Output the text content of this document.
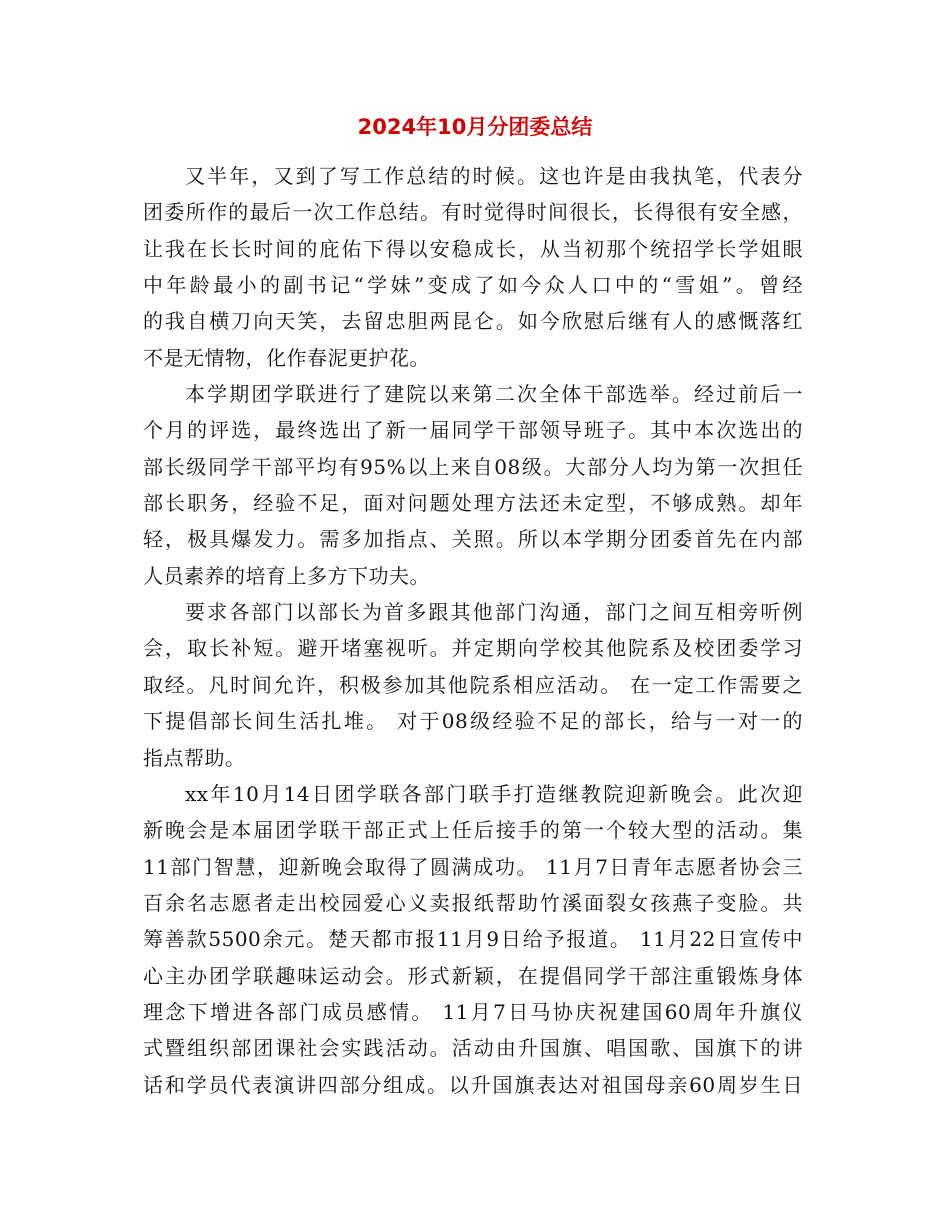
2024年10月分团委总结
又半年，又到了写工作总结的时候。这也许是由我执笔，代表分
团委所作的最后一次工作总结。有时觉得时间很长，长得很有安全感，
让我在长长时间的庇佑下得以安稳成长，从当初那个统招学长学姐眼
中年龄最小的副书记“学妹”变成了如今众人口中的“雪姐”。曾经
的我自横刀向天笑，去留忠胆两昆仑。如今欣慰后继有人的感慨落红
不是无情物，化作春泥更护花。
本学期团学联进行了建院以来第二次全体干部选举。经过前后一
个月的评选，最终选出了新一届同学干部领导班子。其中本次选出的
部长级同学干部平均有95%以上来自08级。大部分人均为第一次担任
部长职务，经验不足，面对问题处理方法还未定型，不够成熟。却年
轻，极具爆发力。需多加指点、关照。所以本学期分团委首先在内部
人员素养的培育上多方下功夫。
要求各部门以部长为首多跟其他部门沟通，部门之间互相旁听例
会，取长补短。避开堵塞视听。并定期向学校其他院系及校团委学习
取经。凡时间允许，积极参加其他院系相应活动。 在一定工作需要之
下提倡部长间生活扎堆。 对于08级经验不足的部长，给与一对一的
指点帮助。
xx年10月14日团学联各部门联手打造继教院迎新晚会。此次迎
新晚会是本届团学联干部正式上任后接手的第一个较大型的活动。集
11部门智慧，迎新晚会取得了圆满成功。 11月7日青年志愿者协会三
百余名志愿者走出校园爱心义卖报纸帮助竹溪面裂女孩燕子变脸。共
筹善款5500余元。楚天都市报11月9日给予报道。 11月22日宣传中
心主办团学联趣味运动会。形式新颖，在提倡同学干部注重锻炼身体
理念下增进各部门成员感情。 11月7日马协庆祝建国60周年升旗仪
式暨组织部团课社会实践活动。活动由升国旗、唱国歌、国旗下的讲
话和学员代表演讲四部分组成。以升国旗表达对祖国母亲60周岁生日
